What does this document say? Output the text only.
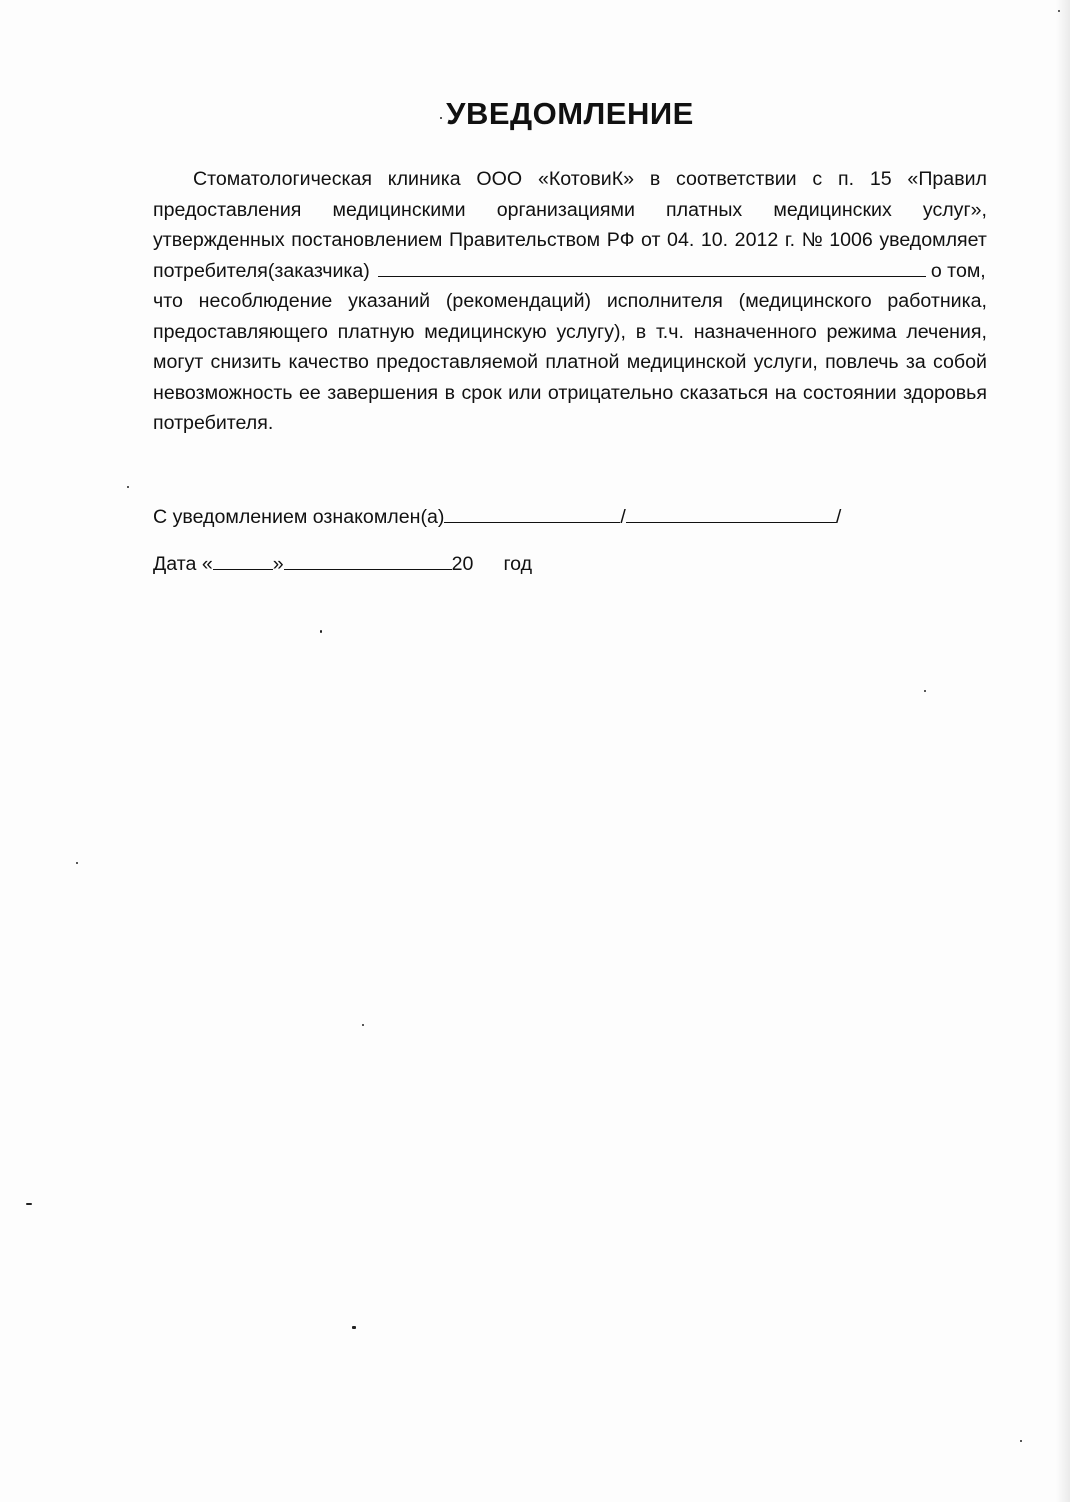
УВЕДОМЛЕНИЕ
Стоматологическая клиника ООО «КотовиК» в соответствии с п. 15 «Правил
предоставления медицинскими организациями платных медицинских услуг»,
утвержденных постановлением Правительством РФ от 04. 10. 2012 г. № 1006 уведомляет
потребителя(заказчика)	о том,
что несоблюдение указаний (рекомендаций) исполнителя (медицинского работника,
предоставляющего платную медицинскую услугу), в т.ч. назначенного режима лечения,
могут снизить качество предоставляемой платной медицинской услуги, повлечь за собой
невозможность ее завершения в срок или отрицательно сказаться на состоянии здоровья
потребителя.
С уведомлением ознакомлен(а)	/	/
Дата «	»	20 год
